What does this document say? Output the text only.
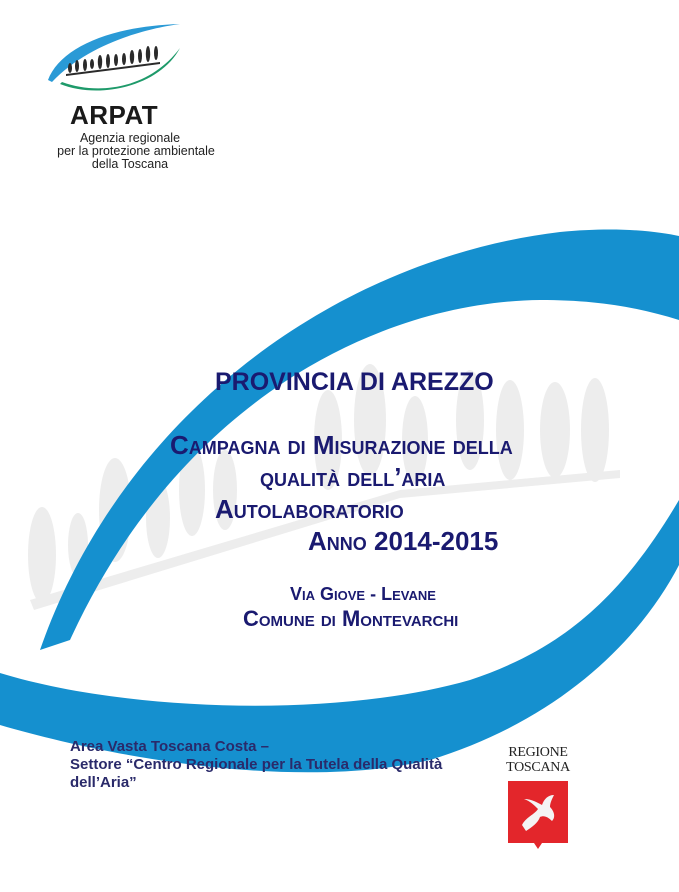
ARPAT
Agenzia regionale
per la protezione ambientale
della Toscana
PROVINCIA DI AREZZO
Campagna di Misurazione della
qualità dell’aria
Autolaboratorio
Anno 2014-2015
Via Giove - Levane
Comune di Montevarchi
Area Vasta Toscana Costa –
Settore “Centro Regionale per la Tutela della Qualità
dell’Aria”
REGIONE
TOSCANA
